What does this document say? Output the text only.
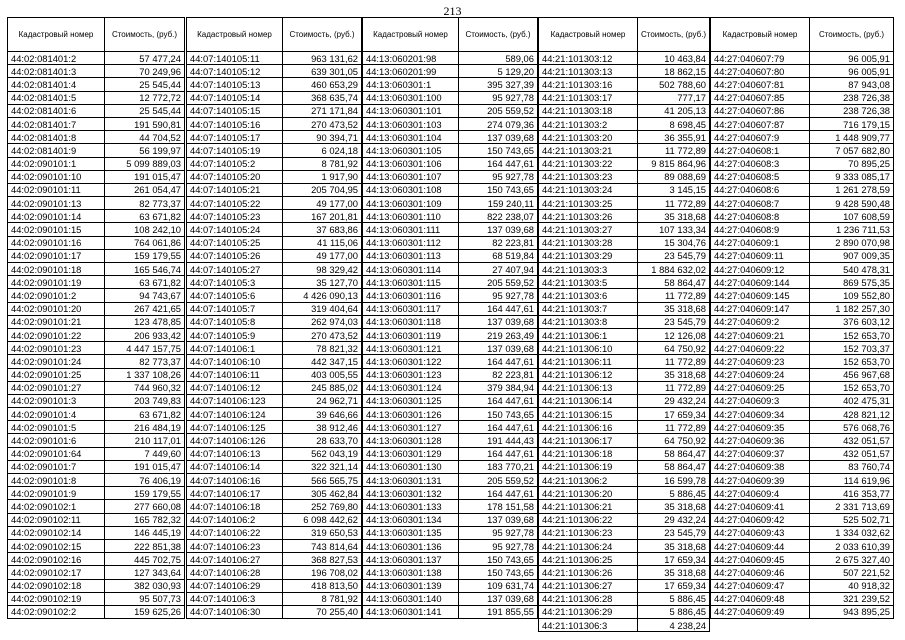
213
Кадастровый номер	Стоимость, (руб.)
44:02:081401:2	57 477,24
44:02:081401:3	70 249,96
44:02:081401:4	25 545,44
44:02:081401:5	12 772,72
44:02:081401:6	25 545,44
44:02:081401:7	191 590,81
44:02:081401:8	44 704,52
44:02:081401:9	56 199,97
44:02:090101:1	5 099 889,03
44:02:090101:10	191 015,47
44:02:090101:11	261 054,47
44:02:090101:13	82 773,37
44:02:090101:14	63 671,82
44:02:090101:15	108 242,10
44:02:090101:16	764 061,86
44:02:090101:17	159 179,55
44:02:090101:18	165 546,74
44:02:090101:19	63 671,82
44:02:090101:2	94 743,67
44:02:090101:20	267 421,65
44:02:090101:21	123 478,85
44:02:090101:22	206 933,42
44:02:090101:23	4 447 157,75
44:02:090101:24	82 773,37
44:02:090101:25	1 337 108,26
44:02:090101:27	744 960,32
44:02:090101:3	203 749,83
44:02:090101:4	63 671,82
44:02:090101:5	216 484,19
44:02:090101:6	210 117,01
44:02:090101:64	7 449,60
44:02:090101:7	191 015,47
44:02:090101:8	76 406,19
44:02:090101:9	159 179,55
44:02:090102:1	277 660,08
44:02:090102:11	165 782,32
44:02:090102:14	146 445,19
44:02:090102:15	222 851,38
44:02:090102:16	445 702,75
44:02:090102:17	127 343,64
44:02:090102:18	382 030,93
44:02:090102:19	95 507,73
44:02:090102:2	159 625,26
Кадастровый номер	Стоимость, (руб.)
44:07:140105:11	963 131,62
44:07:140105:12	639 301,05
44:07:140105:13	460 653,29
44:07:140105:14	368 635,74
44:07:140105:15	271 171,84
44:07:140105:16	270 473,52
44:07:140105:17	90 394,71
44:07:140105:19	6 024,18
44:07:140105:2	8 781,92
44:07:140105:20	1 917,90
44:07:140105:21	205 704,95
44:07:140105:22	49 177,00
44:07:140105:23	167 201,81
44:07:140105:24	37 683,86
44:07:140105:25	41 115,06
44:07:140105:26	49 177,00
44:07:140105:27	98 329,42
44:07:140105:3	35 127,70
44:07:140105:6	4 426 090,13
44:07:140105:7	319 404,64
44:07:140105:8	262 974,03
44:07:140105:9	270 473,52
44:07:140106:1	78 821,32
44:07:140106:10	442 347,15
44:07:140106:11	403 005,55
44:07:140106:12	245 885,02
44:07:140106:123	24 962,71
44:07:140106:124	39 646,66
44:07:140106:125	38 912,46
44:07:140106:126	28 633,70
44:07:140106:13	562 043,19
44:07:140106:14	322 321,14
44:07:140106:16	566 565,75
44:07:140106:17	305 462,84
44:07:140106:18	252 769,80
44:07:140106:2	6 098 442,62
44:07:140106:22	319 650,53
44:07:140106:23	743 814,64
44:07:140106:27	368 827,53
44:07:140106:28	196 708,02
44:07:140106:29	418 813,50
44:07:140106:3	8 781,92
44:07:140106:30	70 255,40
Кадастровый номер	Стоимость, (руб.)
44:13:060201:98	589,06
44:13:060201:99	5 129,20
44:13:060301:1	395 327,39
44:13:060301:100	95 927,78
44:13:060301:101	205 559,52
44:13:060301:103	274 079,36
44:13:060301:104	137 039,68
44:13:060301:105	150 743,65
44:13:060301:106	164 447,61
44:13:060301:107	95 927,78
44:13:060301:108	150 743,65
44:13:060301:109	159 240,11
44:13:060301:110	822 238,07
44:13:060301:111	137 039,68
44:13:060301:112	82 223,81
44:13:060301:113	68 519,84
44:13:060301:114	27 407,94
44:13:060301:115	205 559,52
44:13:060301:116	95 927,78
44:13:060301:117	164 447,61
44:13:060301:118	137 039,68
44:13:060301:119	219 263,49
44:13:060301:121	137 039,68
44:13:060301:122	164 447,61
44:13:060301:123	82 223,81
44:13:060301:124	379 384,94
44:13:060301:125	164 447,61
44:13:060301:126	150 743,65
44:13:060301:127	164 447,61
44:13:060301:128	191 444,43
44:13:060301:129	164 447,61
44:13:060301:130	183 770,21
44:13:060301:131	205 559,52
44:13:060301:132	164 447,61
44:13:060301:133	178 151,58
44:13:060301:134	137 039,68
44:13:060301:135	95 927,78
44:13:060301:136	95 927,78
44:13:060301:137	150 743,65
44:13:060301:138	150 743,65
44:13:060301:139	109 631,74
44:13:060301:140	137 039,68
44:13:060301:141	191 855,55
Кадастровый номер	Стоимость, (руб.)
44:21:101303:12	10 463,84
44:21:101303:13	18 862,15
44:21:101303:16	502 788,60
44:21:101303:17	777,17
44:21:101303:18	41 205,13
44:21:101303:2	8 698,45
44:21:101303:20	36 355,91
44:21:101303:21	11 772,89
44:21:101303:22	9 815 864,96
44:21:101303:23	89 088,69
44:21:101303:24	3 145,15
44:21:101303:25	11 772,89
44:21:101303:26	35 318,68
44:21:101303:27	107 133,34
44:21:101303:28	15 304,76
44:21:101303:29	23 545,79
44:21:101303:3	1 884 632,02
44:21:101303:5	58 864,47
44:21:101303:6	11 772,89
44:21:101303:7	35 318,68
44:21:101303:8	23 545,79
44:21:101306:1	12 126,08
44:21:101306:10	64 750,92
44:21:101306:11	11 772,89
44:21:101306:12	35 318,68
44:21:101306:13	11 772,89
44:21:101306:14	29 432,24
44:21:101306:15	17 659,34
44:21:101306:16	11 772,89
44:21:101306:17	64 750,92
44:21:101306:18	58 864,47
44:21:101306:19	58 864,47
44:21:101306:2	16 599,78
44:21:101306:20	5 886,45
44:21:101306:21	35 318,68
44:21:101306:22	29 432,24
44:21:101306:23	23 545,79
44:21:101306:24	35 318,68
44:21:101306:25	17 659,34
44:21:101306:26	35 318,68
44:21:101306:27	17 659,34
44:21:101306:28	5 886,45
44:21:101306:29	5 886,45
44:21:101306:3	4 238,24
Кадастровый номер	Стоимость, (руб.)
44:27:040607:79	96 005,91
44:27:040607:80	96 005,91
44:27:040607:81	87 943,08
44:27:040607:85	238 726,38
44:27:040607:86	238 726,38
44:27:040607:87	716 179,15
44:27:040607:9	1 448 909,77
44:27:040608:1	7 057 682,80
44:27:040608:3	70 895,25
44:27:040608:5	9 333 085,17
44:27:040608:6	1 261 278,59
44:27:040608:7	9 428 590,48
44:27:040608:8	107 608,59
44:27:040608:9	1 236 711,53
44:27:040609:1	2 890 070,98
44:27:040609:11	907 009,35
44:27:040609:12	540 478,31
44:27:040609:144	869 575,35
44:27:040609:145	109 552,80
44:27:040609:147	1 182 257,30
44:27:040609:2	376 603,12
44:27:040609:21	152 653,70
44:27:040609:22	152 703,37
44:27:040609:23	152 653,70
44:27:040609:24	456 967,68
44:27:040609:25	152 653,70
44:27:040609:3	402 475,31
44:27:040609:34	428 821,12
44:27:040609:35	576 068,76
44:27:040609:36	432 051,57
44:27:040609:37	432 051,57
44:27:040609:38	83 760,74
44:27:040609:39	114 619,96
44:27:040609:4	416 353,77
44:27:040609:41	2 331 713,69
44:27:040609:42	525 502,71
44:27:040609:43	1 334 032,62
44:27:040609:44	2 033 610,39
44:27:040609:45	2 675 327,40
44:27:040609:46	507 221,52
44:27:040609:47	40 918,32
44:27:040609:48	321 239,52
44:27:040609:49	943 895,25
